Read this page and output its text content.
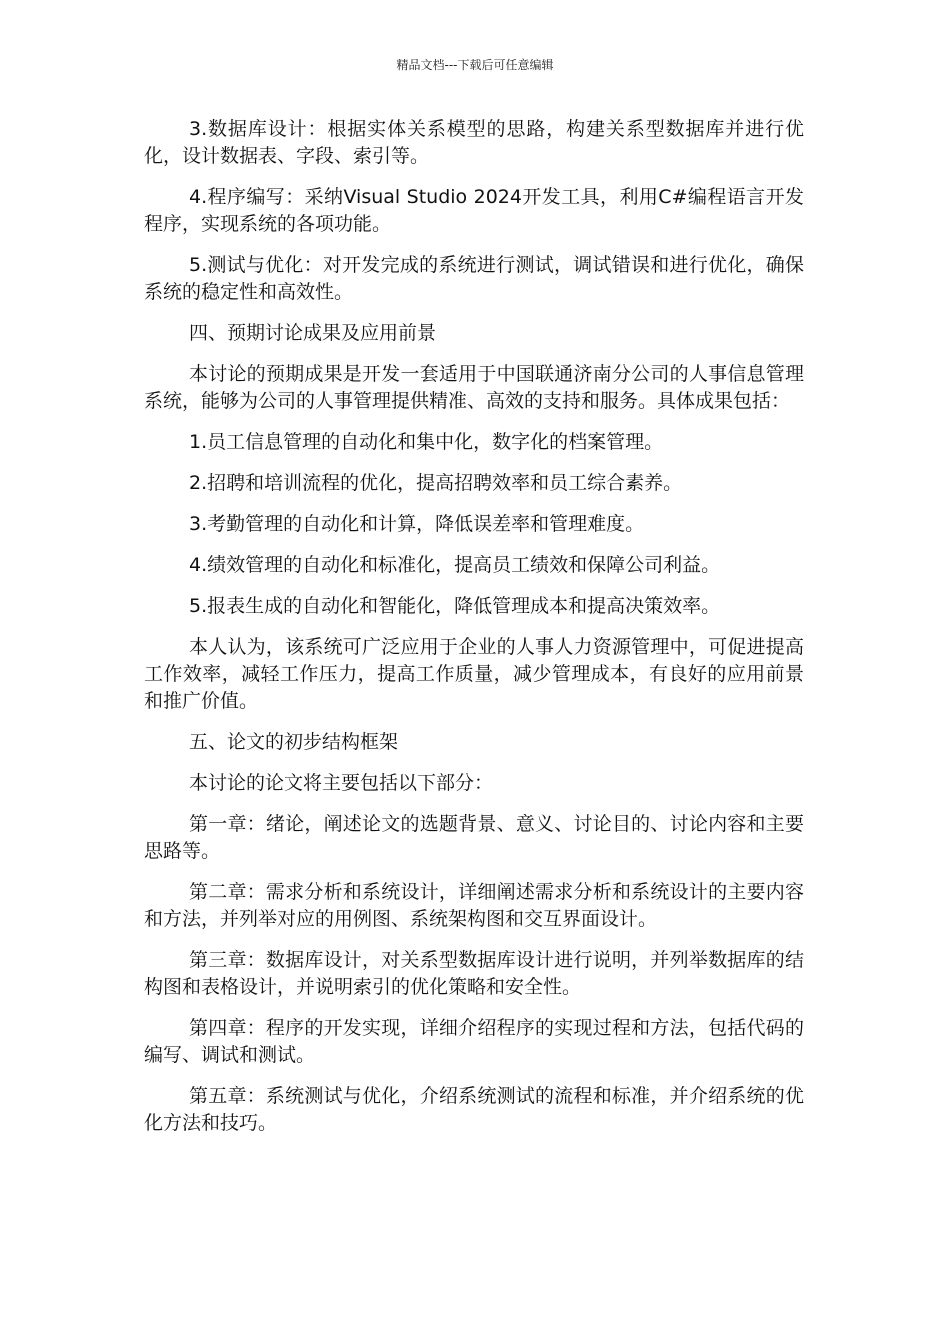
精品文档---下载后可任意编辑

3.数据库设计：根据实体关系模型的思路，构建关系型数据库并进行优化，设计数据表、字段、索引等。

4.程序编写：采纳Visual Studio 2024开发工具，利用C#编程语言开发程序，实现系统的各项功能。

5.测试与优化：对开发完成的系统进行测试，调试错误和进行优化，确保系统的稳定性和高效性。

四、预期讨论成果及应用前景

本讨论的预期成果是开发一套适用于中国联通济南分公司的人事信息管理系统，能够为公司的人事管理提供精准、高效的支持和服务。具体成果包括：

1.员工信息管理的自动化和集中化，数字化的档案管理。

2.招聘和培训流程的优化，提高招聘效率和员工综合素养。

3.考勤管理的自动化和计算，降低误差率和管理难度。

4.绩效管理的自动化和标准化，提高员工绩效和保障公司利益。

5.报表生成的自动化和智能化，降低管理成本和提高决策效率。

本人认为，该系统可广泛应用于企业的人事人力资源管理中，可促进提高工作效率，减轻工作压力，提高工作质量，减少管理成本，有良好的应用前景和推广价值。

五、论文的初步结构框架

本讨论的论文将主要包括以下部分：

第一章：绪论，阐述论文的选题背景、意义、讨论目的、讨论内容和主要思路等。

第二章：需求分析和系统设计，详细阐述需求分析和系统设计的主要内容和方法，并列举对应的用例图、系统架构图和交互界面设计。

第三章：数据库设计，对关系型数据库设计进行说明，并列举数据库的结构图和表格设计，并说明索引的优化策略和安全性。

第四章：程序的开发实现，详细介绍程序的实现过程和方法，包括代码的编写、调试和测试。

第五章：系统测试与优化，介绍系统测试的流程和标准，并介绍系统的优化方法和技巧。
